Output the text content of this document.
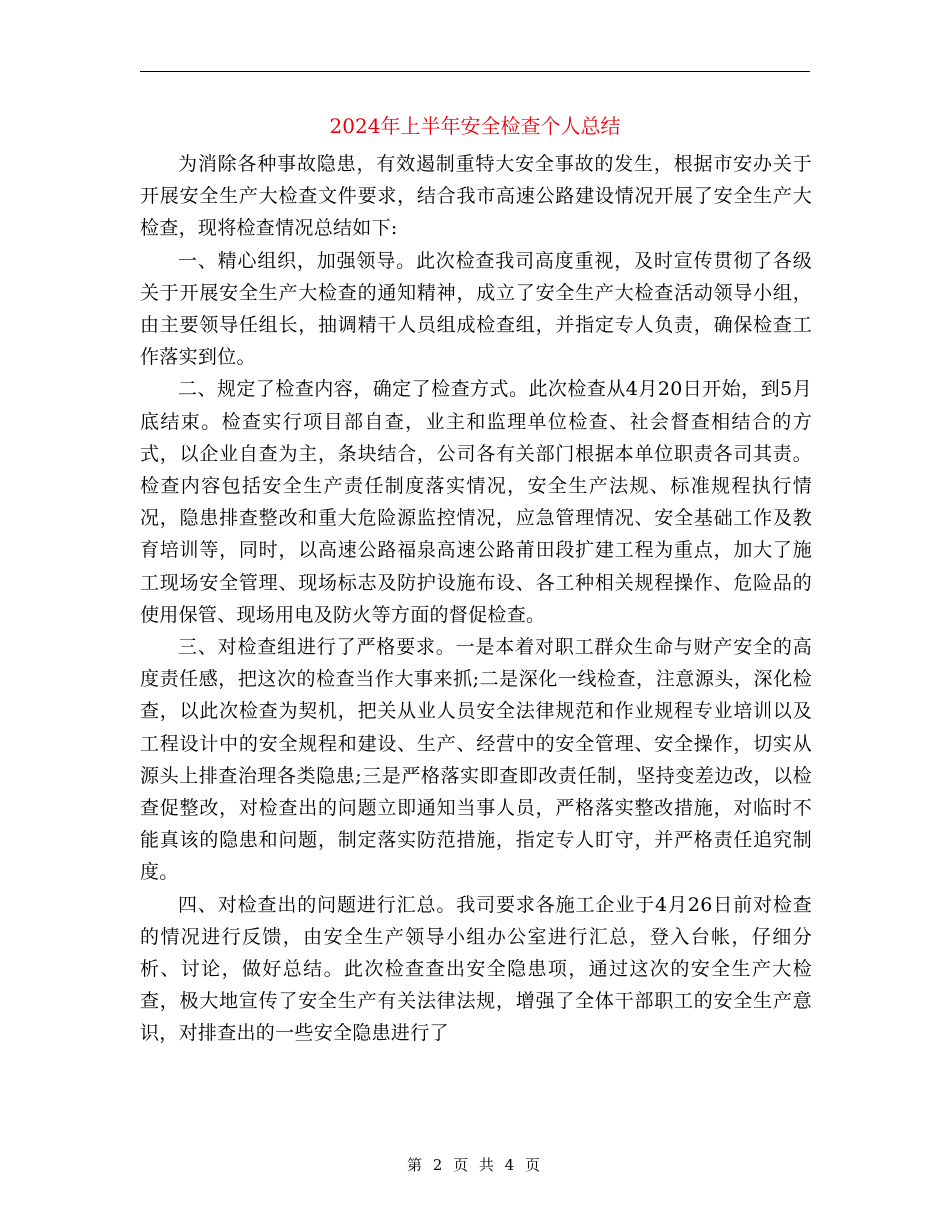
2024年上半年安全检查个人总结

为消除各种事故隐患，有效遏制重特大安全事故的发生，根据市安办关于开展安全生产大检查文件要求，结合我市高速公路建设情况开展了安全生产大检查，现将检查情况总结如下:

一、精心组织，加强领导。此次检查我司高度重视，及时宣传贯彻了各级关于开展安全生产大检查的通知精神，成立了安全生产大检查活动领导小组，由主要领导任组长，抽调精干人员组成检查组，并指定专人负责，确保检查工作落实到位。

二、规定了检查内容，确定了检查方式。此次检查从4月20日开始，到5月底结束。检查实行项目部自查，业主和监理单位检查、社会督查相结合的方式，以企业自查为主，条块结合，公司各有关部门根据本单位职责各司其责。检查内容包括安全生产责任制度落实情况，安全生产法规、标准规程执行情况，隐患排查整改和重大危险源监控情况，应急管理情况、安全基础工作及教育培训等，同时，以高速公路福泉高速公路莆田段扩建工程为重点，加大了施工现场安全管理、现场标志及防护设施布设、各工种相关规程操作、危险品的使用保管、现场用电及防火等方面的督促检查。

三、对检查组进行了严格要求。一是本着对职工群众生命与财产安全的高度责任感，把这次的检查当作大事来抓;二是深化一线检查，注意源头，深化检查，以此次检查为契机，把关从业人员安全法律规范和作业规程专业培训以及工程设计中的安全规程和建设、生产、经营中的安全管理、安全操作，切实从源头上排查治理各类隐患;三是严格落实即查即改责任制，坚持变差边改，以检查促整改，对检查出的问题立即通知当事人员，严格落实整改措施，对临时不能真该的隐患和问题，制定落实防范措施，指定专人盯守，并严格责任追究制度。

四、对检查出的问题进行汇总。我司要求各施工企业于4月26日前对检查的情况进行反馈，由安全生产领导小组办公室进行汇总，登入台帐，仔细分析、讨论，做好总结。此次检查查出安全隐患项，通过这次的安全生产大检查，极大地宣传了安全生产有关法律法规，增强了全体干部职工的安全生产意识，对排查出的一些安全隐患进行了

第 2 页 共 4 页
